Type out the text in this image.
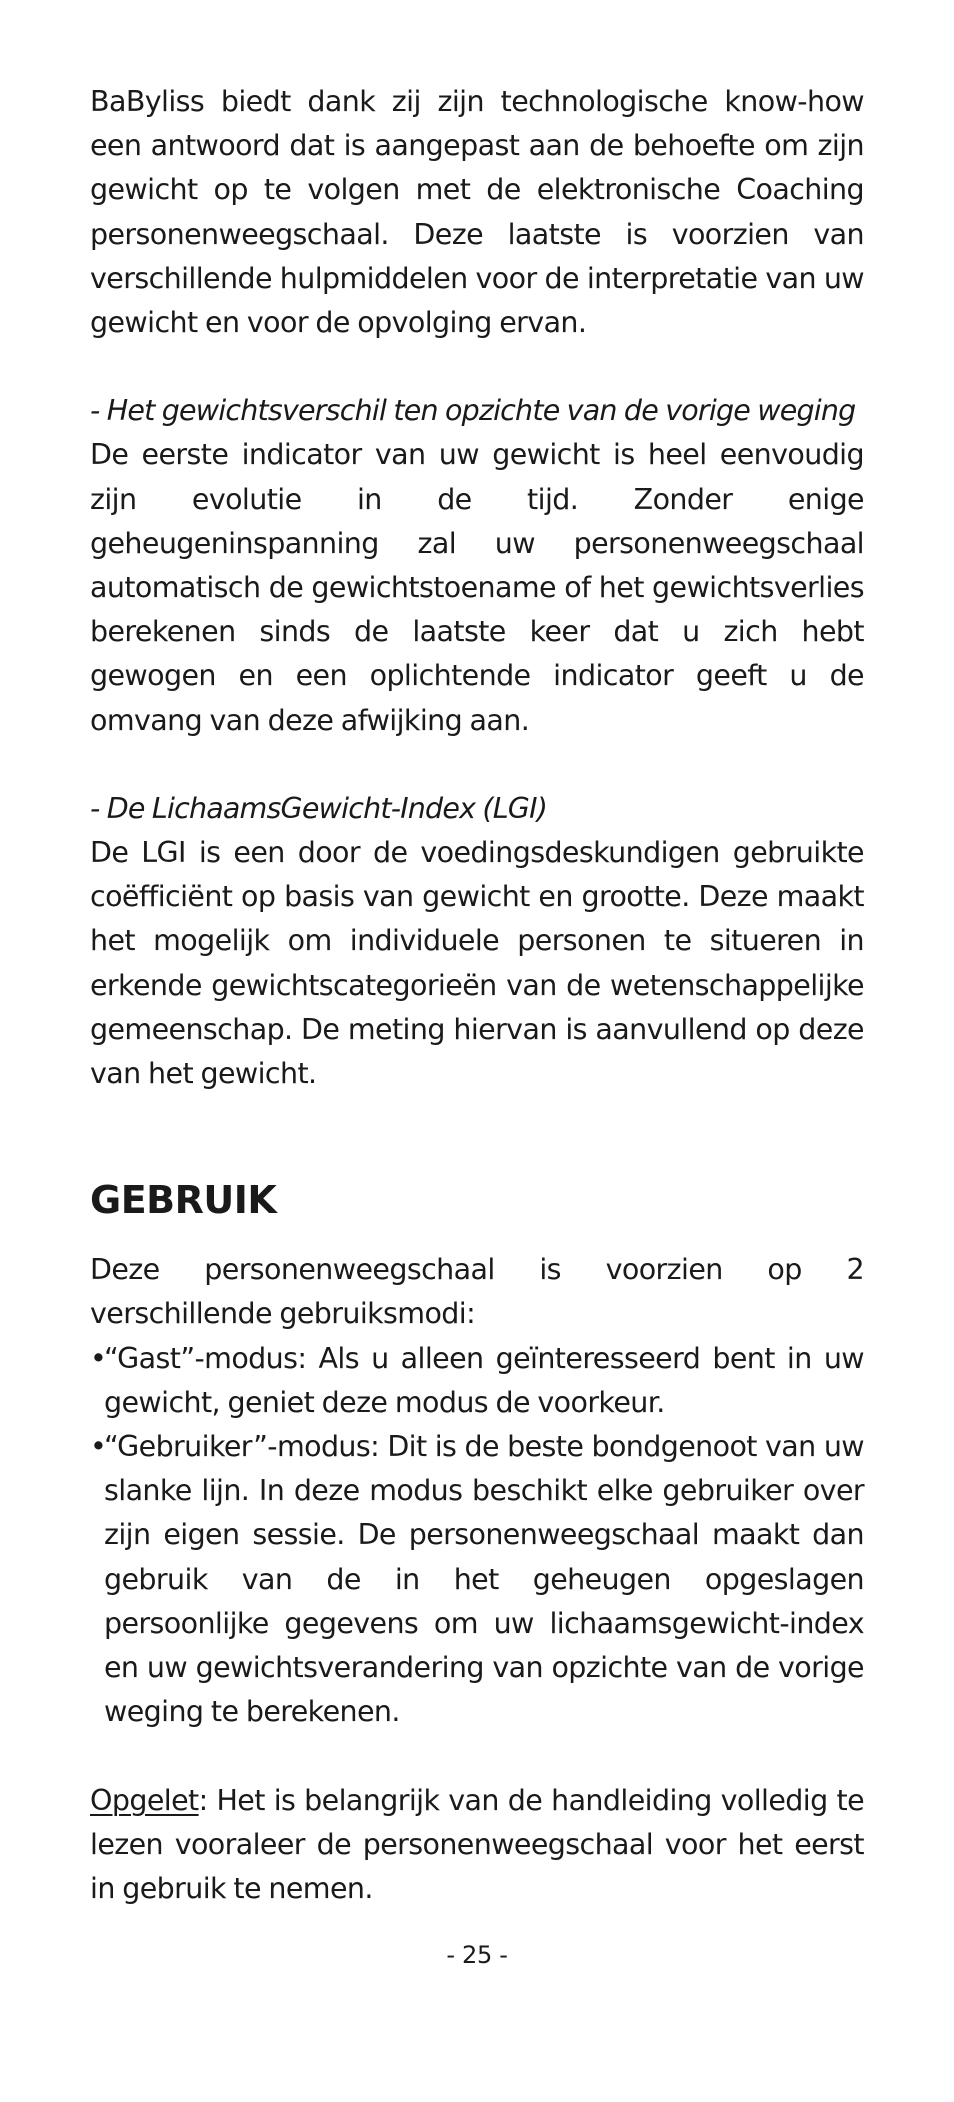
BaByliss biedt dank zij zijn technologische know-how een antwoord dat is aangepast aan de behoefte om zijn gewicht op te volgen met de elektronische Coaching personenweegschaal. Deze laatste is voorzien van verschillende hulpmiddelen voor de interpretatie van uw gewicht en voor de opvolging ervan.

- Het gewichtsverschil ten opzichte van de vorige weging

De eerste indicator van uw gewicht is heel eenvoudig zijn evolutie in de tijd. Zonder enige geheugeninspanning zal uw personenweegschaal automatisch de gewichtstoename of het gewichtsverlies berekenen sinds de laatste keer dat u zich hebt gewogen en een oplichtende indicator geeft u de omvang van deze afwijking aan.

- De LichaamsGewicht-Index (LGI)

De LGI is een door de voedingsdeskundigen gebruikte coëfficiënt op basis van gewicht en grootte. Deze maakt het mogelijk om individuele personen te situeren in erkende gewichtscategorieën van de wetenschappelijke gemeenschap. De meting hiervan is aanvullend op deze van het gewicht.

GEBRUIK

Deze personenweegschaal is voorzien op 2 verschillende gebruiksmodi:

•
“Gast”-modus: Als u alleen geïnteresseerd bent in uw gewicht, geniet deze modus de voorkeur.
•
“Gebruiker”-modus: Dit is de beste bondgenoot van uw slanke lijn. In deze modus beschikt elke gebruiker over zijn eigen sessie. De personenweegschaal maakt dan gebruik van de in het geheugen opgeslagen persoonlijke gegevens om uw lichaamsgewicht-index en uw gewichtsverandering van opzichte van de vorige weging te berekenen.

Opgelet: Het is belangrijk van de handleiding volledig te lezen vooraleer de personenweegschaal voor het eerst in gebruik te nemen.

- 25 -
